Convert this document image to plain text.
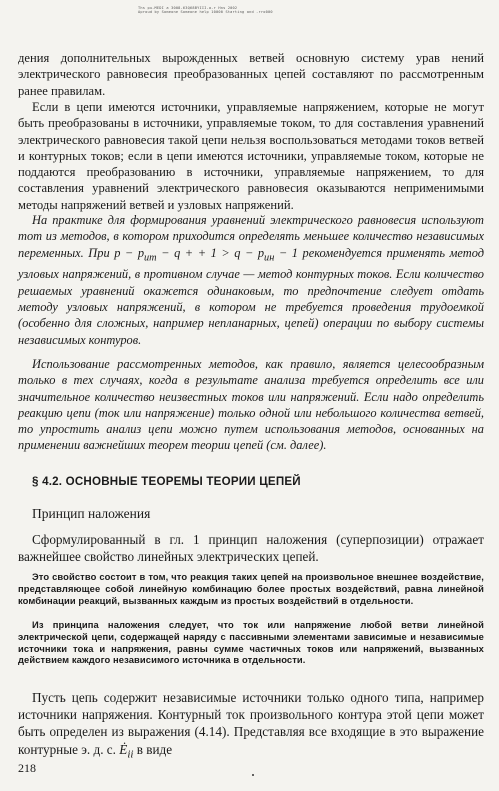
Ths pu-MEDI a 3008-63Q68BYIII-a-r Hns 2002
Aproud by Someone Someone help 10000 Starting and -rro000

дения дополнительных вырожденных ветвей основную систему урав нений электрического равновесия преобразованных цепей составляют по рассмотренным ранее правилам.

Если в цепи имеются источники, управляемые напряжением, которые не могут быть преобразованы в источники, управляемые током, то для составления уравнений электрического равновесия такой цепи нельзя воспользоваться методами токов ветвей и контурных токов; если в цепи имеются источники, управляемые током, которые не поддаются преобразованию в источники, управляемые напряжением, то для составления уравнений электрического равновесия оказываются неприменимыми методы напряжений ветвей и узловых напряжений.

На практике для формирования уравнений электрического равновесия используют тот из методов, в котором приходится определять меньшее количество независимых переменных. При $p - p_{ит} - q$ + + $1 > q - p_{ин} - 1$ рекомендуется применять метод узловых напряжений, в противном случае — метод контурных токов. Если количество решаемых уравнений окажется одинаковым, то предпочтение следует отдать методу узловых напряжений, в котором не требуется проведения трудоемкой (особенно для сложных, например непланарных, цепей) операции по выбору системы независимых контуров.

Использование рассмотренных методов, как правило, является целесообразным только в тех случаях, когда в результате анализа требуется определить все или значительное количество неизвестных токов или напряжений. Если надо определить реакцию цепи (ток или напряжение) только одной или небольшого количества ветвей, то упростить анализ цепи можно путем использования методов, основанных на применении важнейших теорем теории цепей (см. далее).

§ 4.2. ОСНОВНЫЕ ТЕОРЕМЫ ТЕОРИИ ЦЕПЕЙ
Принцип наложения

Сформулированный в гл. 1 принцип наложения (суперпозиции) отражает важнейшее свойство линейных электрических цепей.

Это свойство состоит в том, что реакция таких цепей на произвольное внешнее воздействие, представляющее собой линейную комбинацию более простых воздействий, равна линейной комбинации реакций, вызванных каждым из простых воздействий в отдельности.

Из принципа наложения следует, что ток или напряжение любой ветви линейной электрической цепи, содержащей наряду с пассивными элементами зависимые и независимые источники тока и напряжения, равны сумме частичных токов или напряжений, вызванных действием каждого независимого источника в отдельности.

Пусть цепь содержит независимые источники только одного типа, например источники напряжения. Контурный ток произвольного контура этой цепи может быть определен из выражения (4.14). Представляя все входящие в это выражение контурные э. д. с. $Ė_{ii}$ в виде

218
